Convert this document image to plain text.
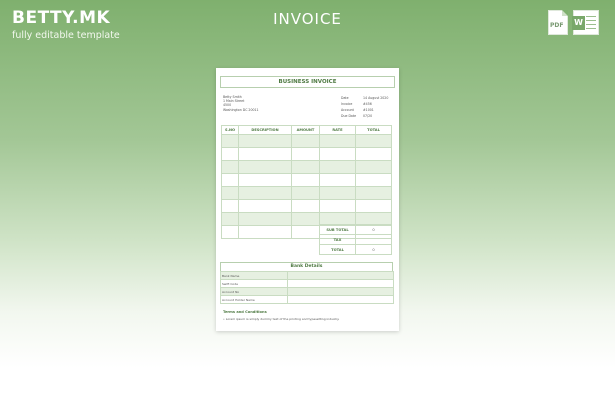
BETTY.MK
fully editable template
INVOICE	PDF W
BUSINESS INVOICE
Betty Smith
1 Main Street
4500
Washington DC 20011
Date	14 August 2020
Invoice	#456
Account	#1001
Due Date	07/20
S.NO	DESCRIPTION	AMOUNT	RATE	TOTAL

SUB TOTAL	0
TAX	
TOTAL	0
Bank Details
Bank Name	
Swift Code	
Account No	
Account Holder Name	
Terms and Conditions
• Lorem ipsum is simply dummy text of the printing and typesetting industry.
